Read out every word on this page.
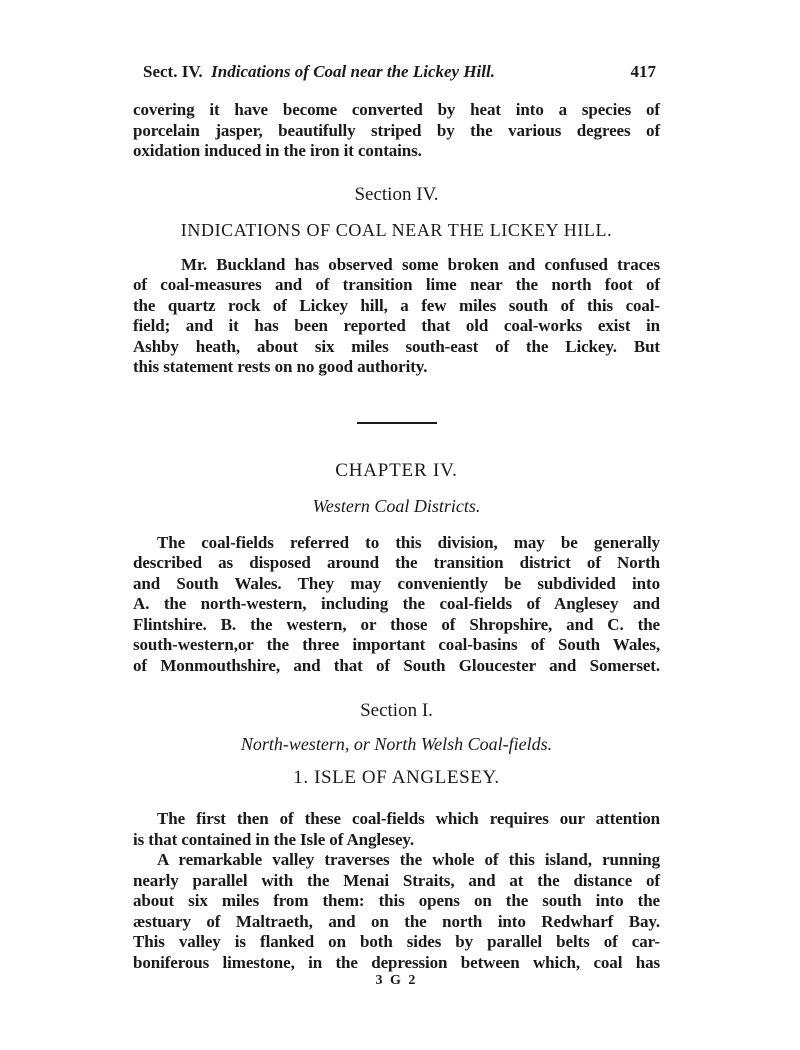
Sect. IV. Indications of Coal near the Lickey Hill.	417

covering it have become converted by heat into a species of
porcelain jasper, beautifully striped by the various degrees of
oxidation induced in the iron it contains.

Section IV.
INDICATIONS OF COAL NEAR THE LICKEY HILL.

Mr. Buckland has observed some broken and confused traces
of coal-measures and of transition lime near the north foot of
the quartz rock of Lickey hill, a few miles south of this coal-
field; and it has been reported that old coal-works exist in
Ashby heath, about six miles south-east of the Lickey. But
this statement rests on no good authority.

CHAPTER IV.
Western Coal Districts.

The coal-fields referred to this division, may be generally
described as disposed around the transition district of North
and South Wales. They may conveniently be subdivided into
A. the north-western, including the coal-fields of Anglesey and
Flintshire. B. the western, or those of Shropshire, and C. the
south-western,or the three important coal-basins of South Wales,
of Monmouthshire, and that of South Gloucester and Somerset.

Section I.
North-western, or North Welsh Coal-fields.
1. ISLE OF ANGLESEY.

The first then of these coal-fields which requires our attention
is that contained in the Isle of Anglesey.

A remarkable valley traverses the whole of this island, running
nearly parallel with the Menai Straits, and at the distance of
about six miles from them: this opens on the south into the
æstuary of Maltraeth, and on the north into Redwharf Bay.
This valley is flanked on both sides by parallel belts of car-
boniferous limestone, in the depression between which, coal has

3 G 2
